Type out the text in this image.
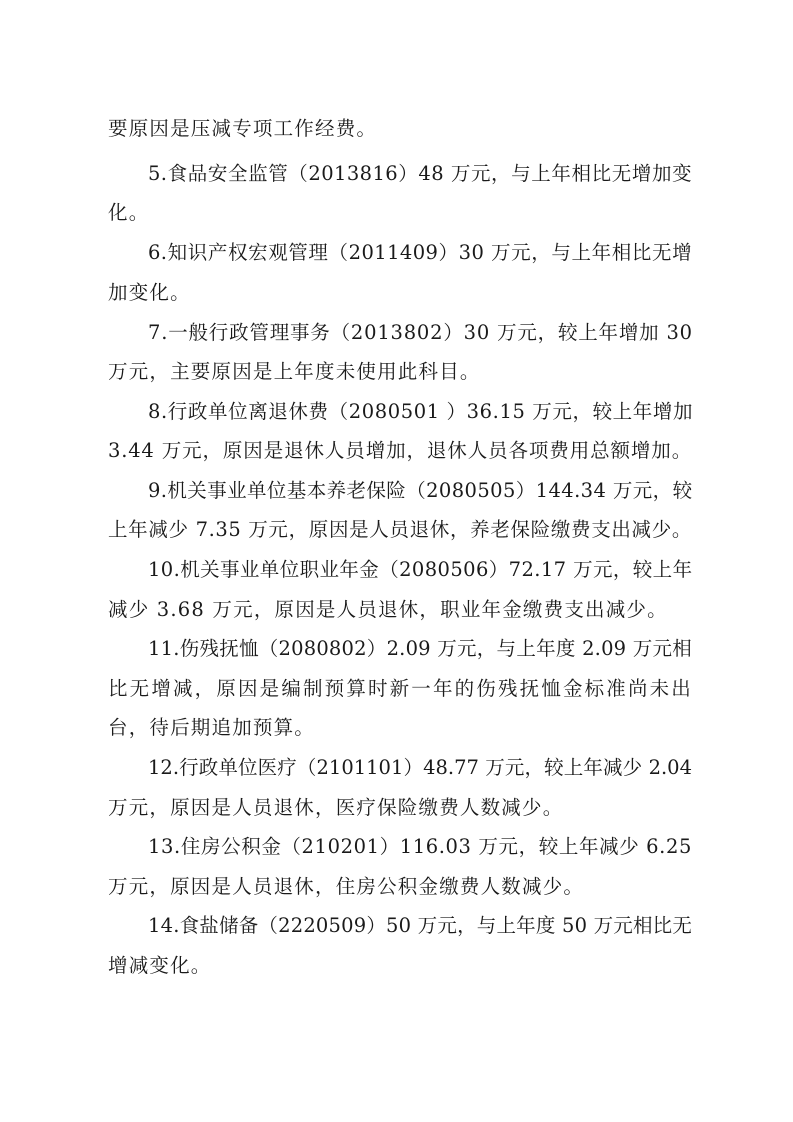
要原因是压减专项工作经费。

5.食品安全监管（2013816）48 万元，与上年相比无增加变

化。

6.知识产权宏观管理（2011409）30 万元，与上年相比无增

加变化。

7.一般行政管理事务（2013802）30 万元，较上年增加 30

万元，主要原因是上年度未使用此科目。

8.行政单位离退休费（2080501 ）36.15 万元，较上年增加

3.44 万元，原因是退休人员增加，退休人员各项费用总额增加。

9.机关事业单位基本养老保险（2080505）144.34 万元，较

上年减少 7.35 万元，原因是人员退休，养老保险缴费支出减少。

10.机关事业单位职业年金（2080506）72.17 万元，较上年

减少 3.68 万元，原因是人员退休，职业年金缴费支出减少。

11.伤残抚恤（2080802）2.09 万元，与上年度 2.09 万元相

比无增减，原因是编制预算时新一年的伤残抚恤金标准尚未出

台，待后期追加预算。

12.行政单位医疗（2101101）48.77 万元，较上年减少 2.04

万元，原因是人员退休，医疗保险缴费人数减少。

13.住房公积金（210201）116.03 万元，较上年减少 6.25

万元，原因是人员退休，住房公积金缴费人数减少。

14.食盐储备（2220509）50 万元，与上年度 50 万元相比无

增减变化。
